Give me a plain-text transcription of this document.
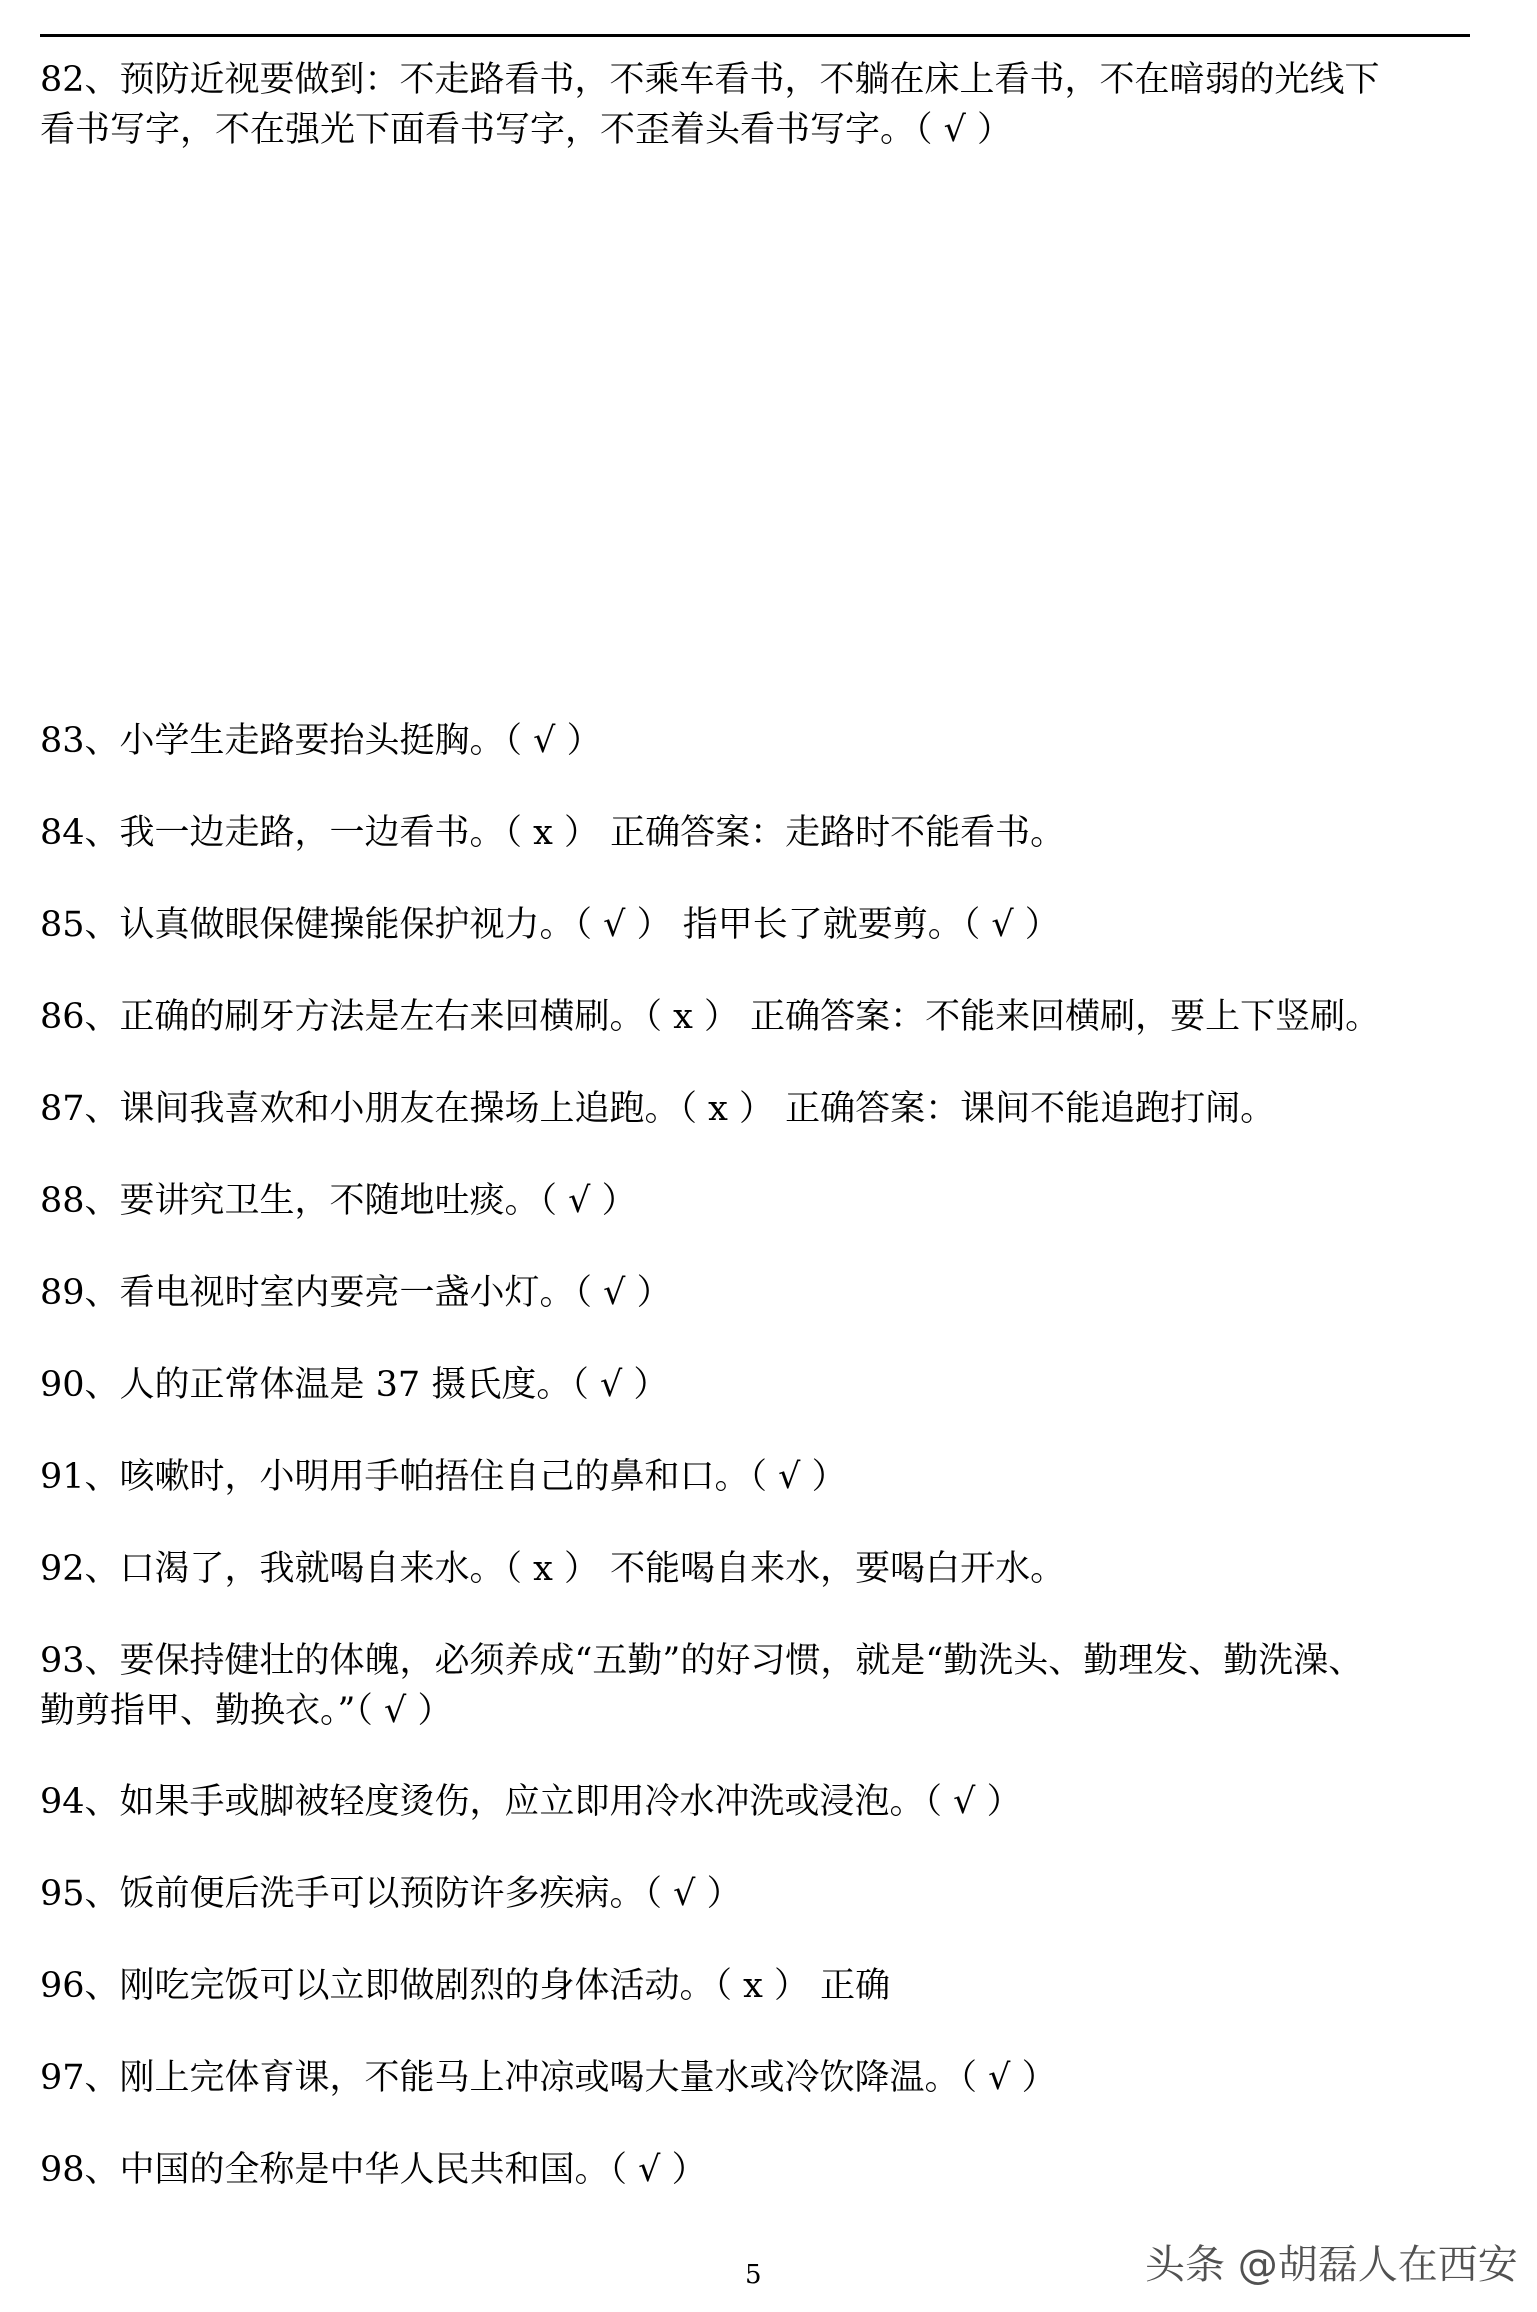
82、预防近视要做到：不走路看书，不乘车看书，不躺在床上看书，不在暗弱的光线下
看书写字，不在强光下面看书写字，不歪着头看书写字。（ √ ）
83、小学生走路要抬头挺胸。（ √ ）
84、我一边走路，一边看书。（ x ） 正确答案：走路时不能看书。
85、认真做眼保健操能保护视力。（ √ ） 指甲长了就要剪。（ √ ）
86、正确的刷牙方法是左右来回横刷。（ x ） 正确答案：不能来回横刷，要上下竖刷。
87、课间我喜欢和小朋友在操场上追跑。（ x ） 正确答案：课间不能追跑打闹。
88、要讲究卫生，不随地吐痰。（ √ ）
89、看电视时室内要亮一盏小灯。（ √ ）
90、人的正常体温是 37 摄氏度。（ √ ）
91、咳嗽时，小明用手帕捂住自己的鼻和口。（ √ ）
92、口渴了，我就喝自来水。（ x ） 不能喝自来水，要喝白开水。
93、要保持健壮的体魄，必须养成“五勤”的好习惯，就是“勤洗头、勤理发、勤洗澡、
勤剪指甲、勤换衣。”（ √ ）
94、如果手或脚被轻度烫伤，应立即用冷水冲洗或浸泡。（ √ ）
95、饭前便后洗手可以预防许多疾病。（ √ ）
96、刚吃完饭可以立即做剧烈的身体活动。（ x ） 正确
97、刚上完体育课，不能马上冲凉或喝大量水或冷饮降温。（ √ ）
98、中国的全称是中华人民共和国。（ √ ）
5	头条 @胡磊人在西安
